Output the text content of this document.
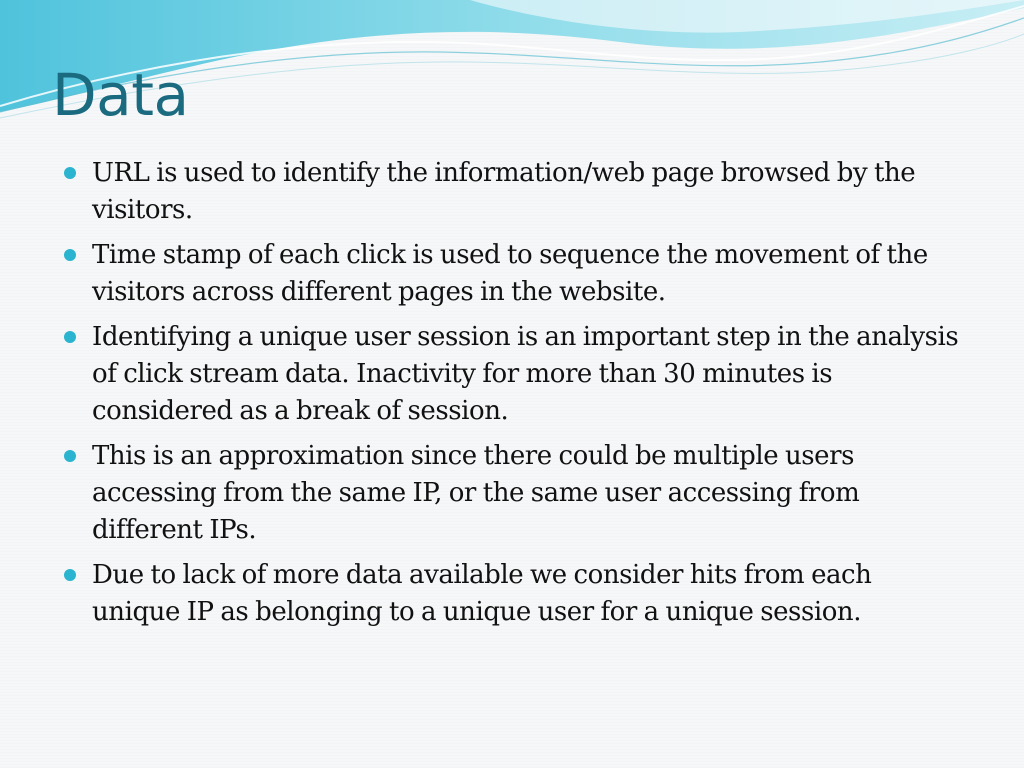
Data
URL is used to identify the information/web page browsed by the visitors.
Time stamp of each click is used to sequence the movement of the visitors across different pages in the website.
Identifying a unique user session is an important step in the analysis of click stream data. Inactivity for more than 30 minutes is considered as a break of session.
This is an approximation since there could be multiple users accessing from the same IP, or the same user accessing from different IPs.
Due to lack of more data available we consider hits from each unique IP as belonging to a unique user for a unique session.
